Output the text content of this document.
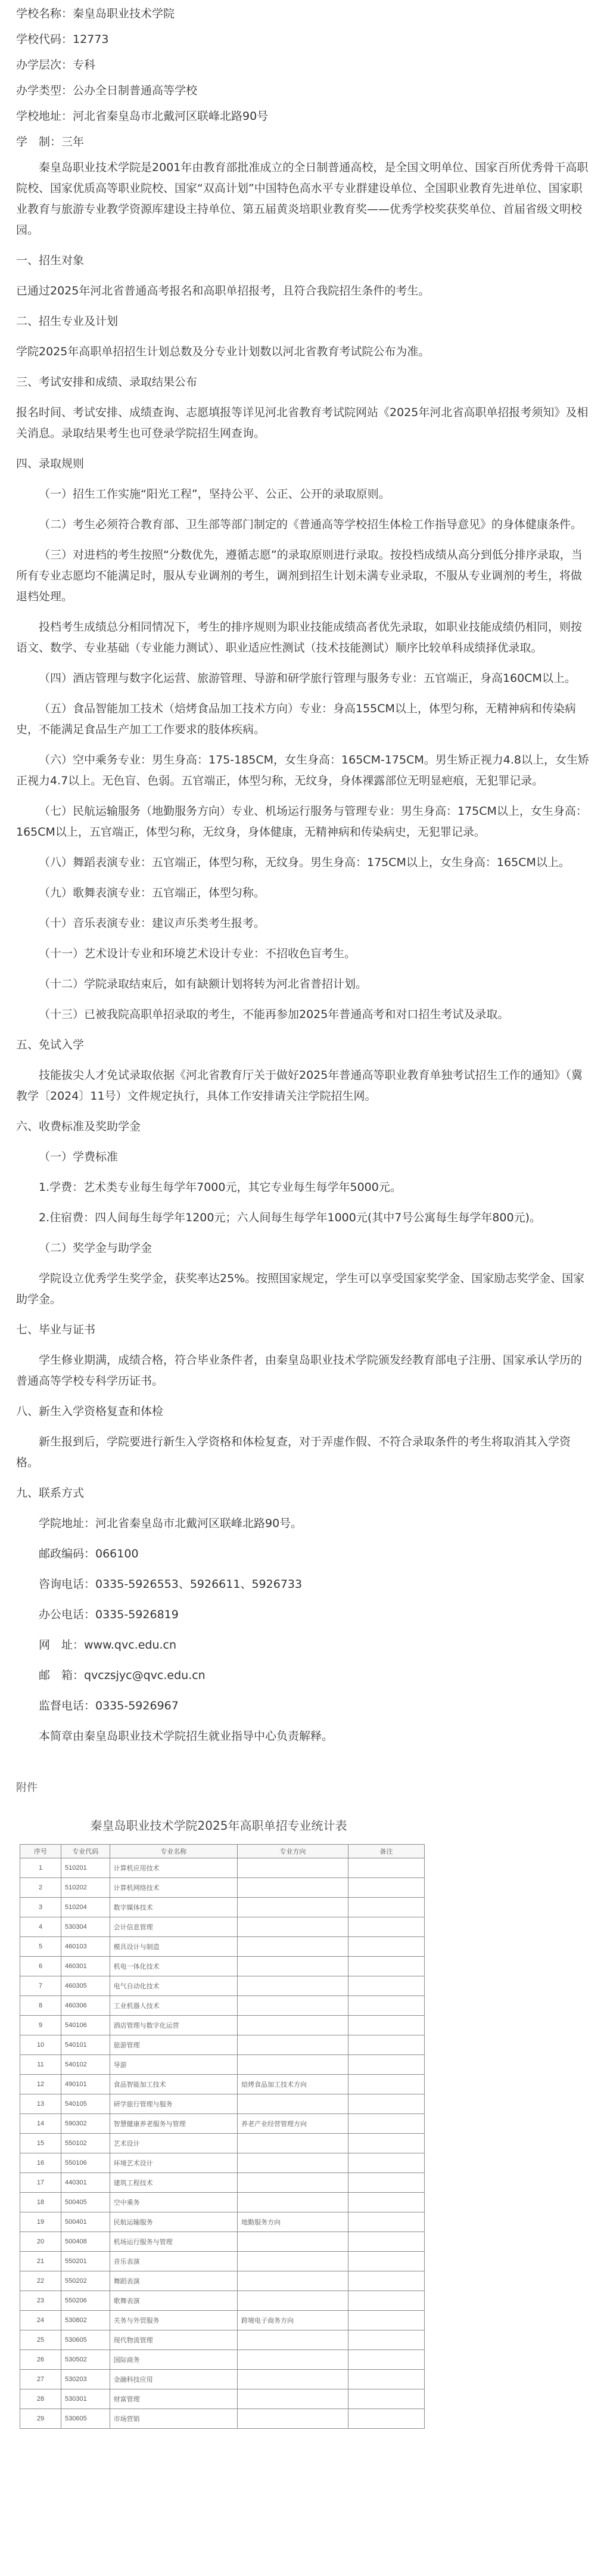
学校名称：秦皇岛职业技术学院
学校代码：12773
办学层次：专科
办学类型：公办全日制普通高等学校
学校地址：河北省秦皇岛市北戴河区联峰北路90号
学　制：三年
秦皇岛职业技术学院是2001年由教育部批准成立的全日制普通高校，是全国文明单位、国家百所优秀骨干高职院校、国家优质高等职业院校、国家“双高计划”中国特色高水平专业群建设单位、全国职业教育先进单位、国家职业教育与旅游专业教学资源库建设主持单位、第五届黄炎培职业教育奖——优秀学校奖获奖单位、首届省级文明校园。
一、招生对象
已通过2025年河北省普通高考报名和高职单招报考，且符合我院招生条件的考生。
二、招生专业及计划
学院2025年高职单招招生计划总数及分专业计划数以河北省教育考试院公布为准。
三、考试安排和成绩、录取结果公布
报名时间、考试安排、成绩查询、志愿填报等详见河北省教育考试院网站《2025年河北省高职单招报考须知》及相关消息。录取结果考生也可登录学院招生网查询。
四、录取规则
（一）招生工作实施“阳光工程”，坚持公平、公正、公开的录取原则。
（二）考生必须符合教育部、卫生部等部门制定的《普通高等学校招生体检工作指导意见》的身体健康条件。
（三）对进档的考生按照“分数优先，遵循志愿”的录取原则进行录取。按投档成绩从高分到低分排序录取，当所有专业志愿均不能满足时，服从专业调剂的考生，调剂到招生计划未满专业录取，不服从专业调剂的考生，将做退档处理。
投档考生成绩总分相同情况下，考生的排序规则为职业技能成绩高者优先录取，如职业技能成绩仍相同，则按语文、数学、专业基础（专业能力测试）、职业适应性测试（技术技能测试）顺序比较单科成绩择优录取。
（四）酒店管理与数字化运营、旅游管理、导游和研学旅行管理与服务专业：五官端正，身高160CM以上。
（五）食品智能加工技术（焙烤食品加工技术方向）专业：身高155CM以上，体型匀称，无精神病和传染病史，不能满足食品生产加工工作要求的肢体疾病。
（六）空中乘务专业：男生身高：175-185CM，女生身高：165CM-175CM。男生矫正视力4.8以上，女生矫正视力4.7以上。无色盲、色弱。五官端正，体型匀称，无纹身，身体裸露部位无明显疤痕，无犯罪记录。
（七）民航运输服务（地勤服务方向）专业、机场运行服务与管理专业：男生身高：175CM以上，女生身高：165CM以上，五官端正，体型匀称，无纹身，身体健康，无精神病和传染病史，无犯罪记录。
（八）舞蹈表演专业：五官端正，体型匀称，无纹身。男生身高：175CM以上，女生身高：165CM以上。
（九）歌舞表演专业：五官端正，体型匀称。
（十）音乐表演专业：建议声乐类考生报考。
（十一）艺术设计专业和环境艺术设计专业：不招收色盲考生。
（十二）学院录取结束后，如有缺额计划将转为河北省普招计划。
（十三）已被我院高职单招录取的考生，不能再参加2025年普通高考和对口招生考试及录取。
五、免试入学
技能拔尖人才免试录取依据《河北省教育厅关于做好2025年普通高等职业教育单独考试招生工作的通知》（冀教学〔2024〕11号）文件规定执行，具体工作安排请关注学院招生网。
六、收费标准及奖助学金
（一）学费标准
1.学费：艺术类专业每生每学年7000元，其它专业每生每学年5000元。
2.住宿费：四人间每生每学年1200元；六人间每生每学年1000元(其中7号公寓每生每学年800元)。
（二）奖学金与助学金
学院设立优秀学生奖学金，获奖率达25%。按照国家规定，学生可以享受国家奖学金、国家励志奖学金、国家助学金。
七、毕业与证书
学生修业期满，成绩合格，符合毕业条件者，由秦皇岛职业技术学院颁发经教育部电子注册、国家承认学历的普通高等学校专科学历证书。
八、新生入学资格复查和体检
新生报到后，学院要进行新生入学资格和体检复查，对于弄虚作假、不符合录取条件的考生将取消其入学资格。
九、联系方式
学院地址：河北省秦皇岛市北戴河区联峰北路90号。
邮政编码：066100
咨询电话：0335-5926553、5926611、5926733
办公电话：0335-5926819
网　址：www.qvc.edu.cn
邮　箱：qvczsjyc@qvc.edu.cn
监督电话：0335-5926967
本简章由秦皇岛职业技术学院招生就业指导中心负责解释。
附件
秦皇岛职业技术学院2025年高职单招专业统计表
序号	专业代码	专业名称	专业方向	备注
1	510201	计算机应用技术		
2	510202	计算机网络技术		
3	510204	数字媒体技术		
4	530304	会计信息管理		
5	460103	模具设计与制造		
6	460301	机电一体化技术		
7	460305	电气自动化技术		
8	460306	工业机器人技术		
9	540106	酒店管理与数字化运营		
10	540101	旅游管理		
11	540102	导游		
12	490101	食品智能加工技术	焙烤食品加工技术方向	
13	540105	研学旅行管理与服务		
14	590302	智慧健康养老服务与管理	养老产业经营管理方向	
15	550102	艺术设计		
16	550106	环境艺术设计		
17	440301	建筑工程技术		
18	500405	空中乘务		
19	500401	民航运输服务	地勤服务方向	
20	500408	机场运行服务与管理		
21	550201	音乐表演		
22	550202	舞蹈表演		
23	550206	歌舞表演		
24	530802	关务与外贸服务	跨境电子商务方向	
25	530605	现代物流管理		
26	530502	国际商务		
27	530203	金融科技应用		
28	530301	财富管理		
29	530605	市场营销		
